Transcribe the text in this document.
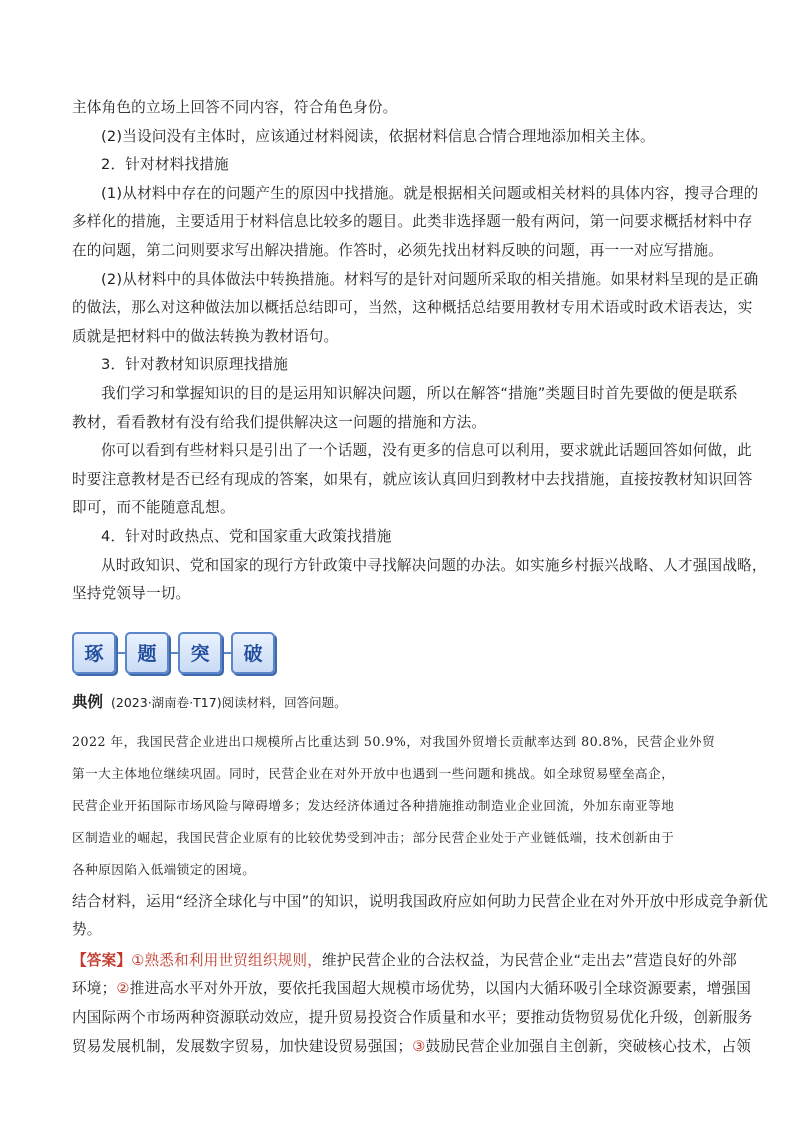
主体角色的立场上回答不同内容，符合角色身份。

(2)当设问没有主体时，应该通过材料阅读，依据材料信息合情合理地添加相关主体。

2．针对材料找措施

(1)从材料中存在的问题产生的原因中找措施。就是根据相关问题或相关材料的具体内容，搜寻合理的

多样化的措施，主要适用于材料信息比较多的题目。此类非选择题一般有两问，第一问要求概括材料中存

在的问题，第二问则要求写出解决措施。作答时，必须先找出材料反映的问题，再一一对应写措施。

(2)从材料中的具体做法中转换措施。材料写的是针对问题所采取的相关措施。如果材料呈现的是正确

的做法，那么对这种做法加以概括总结即可，当然，这种概括总结要用教材专用术语或时政术语表达，实

质就是把材料中的做法转换为教材语句。

3．针对教材知识原理找措施

我们学习和掌握知识的目的是运用知识解决问题，所以在解答“措施”类题目时首先要做的便是联系

教材，看看教材有没有给我们提供解决这一问题的措施和方法。

你可以看到有些材料只是引出了一个话题，没有更多的信息可以利用，要求就此话题回答如何做，此

时要注意教材是否已经有现成的答案，如果有，就应该认真回归到教材中去找措施，直接按教材知识回答

即可，而不能随意乱想。

4．针对时政热点、党和国家重大政策找措施

从时政知识、党和国家的现行方针政策中寻找解决问题的办法。如实施乡村振兴战略、人才强国战略，

坚持党领导一切。

琢	题	突	破
典例 (2023·湖南卷·T17)阅读材料，回答问题。
2022 年，我国民营企业进出口规模所占比重达到 50.9%，对我国外贸增长贡献率达到 80.8%，民营企业外贸
第一大主体地位继续巩固。同时，民营企业在对外开放中也遇到一些问题和挑战。如全球贸易壁垒高企，
民营企业开拓国际市场风险与障碍增多；发达经济体通过各种措施推动制造业企业回流，外加东南亚等地
区制造业的崛起，我国民营企业原有的比较优势受到冲击；部分民营企业处于产业链低端，技术创新由于
各种原因陷入低端锁定的困境。

结合材料，运用“经济全球化与中国”的知识，说明我国政府应如何助力民营企业在对外开放中形成竞争新优

势。

【答案】①熟悉和利用世贸组织规则，维护民营企业的合法权益，为民营企业“走出去”营造良好的外部

环境；②推进高水平对外开放，要依托我国超大规模市场优势，以国内大循环吸引全球资源要素，增强国

内国际两个市场两种资源联动效应，提升贸易投资合作质量和水平；要推动货物贸易优化升级，创新服务

贸易发展机制，发展数字贸易，加快建设贸易强国；③鼓励民营企业加强自主创新，突破核心技术，占领
